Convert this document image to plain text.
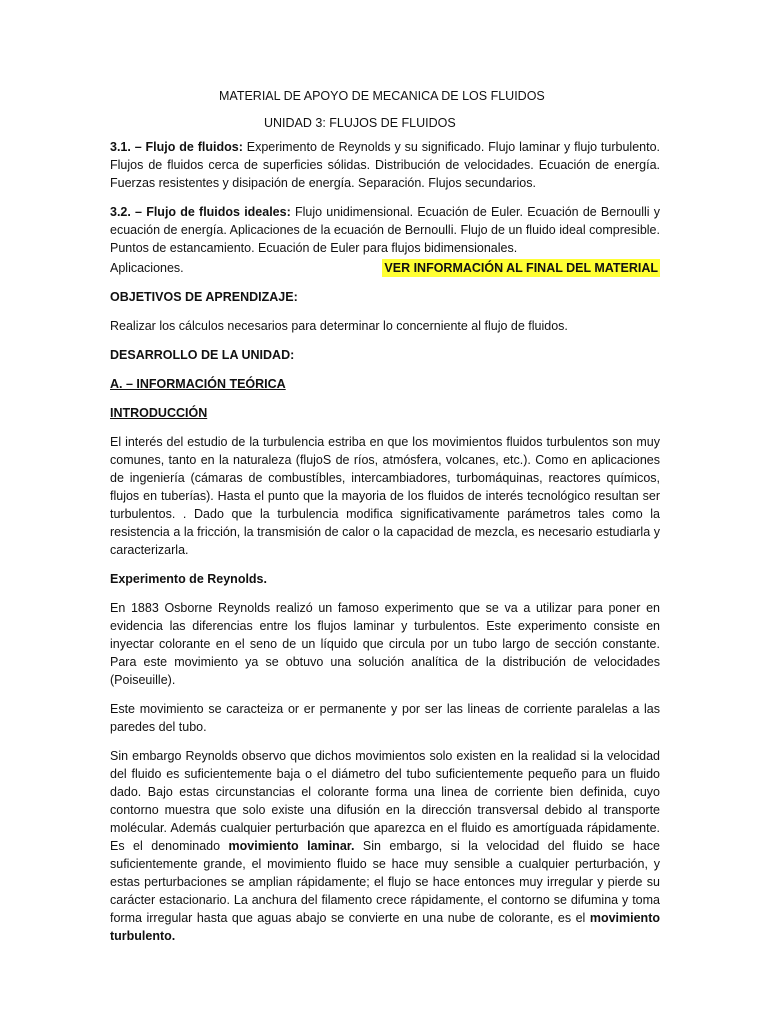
MATERIAL DE APOYO DE MECANICA DE LOS FLUIDOS
UNIDAD 3: FLUJOS DE FLUIDOS

3.1. – Flujo de fluidos: Experimento de Reynolds y su significado. Flujo laminar y flujo turbulento. Flujos de fluidos cerca de superficies sólidas. Distribución de velocidades. Ecuación de energía. Fuerzas resistentes y disipación de energía. Separación. Flujos secundarios.

3.2. – Flujo de fluidos ideales: Flujo unidimensional. Ecuación de Euler. Ecuación de Bernoulli y ecuación de energía. Aplicaciones de la ecuación de Bernoulli. Flujo de un fluido ideal compresible. Puntos de estancamiento. Ecuación de Euler para flujos bidimensionales.

Aplicaciones.	VER INFORMACIÓN AL FINAL DEL MATERIAL

OBJETIVOS DE APRENDIZAJE:

Realizar los cálculos necesarios para determinar lo concerniente al flujo de fluidos.

DESARROLLO DE LA UNIDAD:

A. – INFORMACIÓN TEÓRICA

INTRODUCCIÓN

El interés del estudio de la turbulencia estriba en que los movimientos fluidos turbulentos son muy comunes, tanto en la naturaleza (flujoS de ríos, atmósfera, volcanes, etc.). Como en aplicaciones de ingeniería (cámaras de combustíbles, intercambiadores, turbomáquinas, reactores químicos, flujos en tuberías). Hasta el punto que la mayoria de los fluidos de interés tecnológico resultan ser turbulentos. . Dado que la turbulencia modifica significativamente parámetros tales como la resistencia a la fricción, la transmisión de calor o la capacidad de mezcla, es necesario estudiarla y caracterizarla.

Experimento de Reynolds.

En 1883 Osborne Reynolds realizó un famoso experimento que se va a utilizar para poner en evidencia las diferencias entre los flujos laminar y turbulentos. Este experimento consiste en inyectar colorante en el seno de un líquido que circula por un tubo largo de sección constante. Para este movimiento ya se obtuvo una solución analítica de la distribución de velocidades (Poiseuille).

Este movimiento se caracteiza or er permanente y por ser las lineas de corriente paralelas a las paredes del tubo.

Sin embargo Reynolds observo que dichos movimientos solo existen en la realidad si la velocidad del fluido es suficientemente baja o el diámetro del tubo suficientemente pequeño para un fluido dado. Bajo estas circunstancias el colorante forma una linea de corriente bien definida, cuyo contorno muestra que solo existe una difusión en la dirección transversal debido al transporte molécular. Además cualquier perturbación que aparezca en el fluido es amortíguada rápidamente. Es el denominado movimiento laminar. Sin embargo, si la velocidad del fluido se hace suficientemente grande, el movimiento fluido se hace muy sensible a cualquier perturbación, y estas perturbaciones se amplian rápidamente; el flujo se hace entonces muy irregular y pierde su carácter estacionario. La anchura del filamento crece rápidamente, el contorno se difumina y toma forma irregular hasta que aguas abajo se convierte en una nube de colorante, es el movimiento turbulento.
